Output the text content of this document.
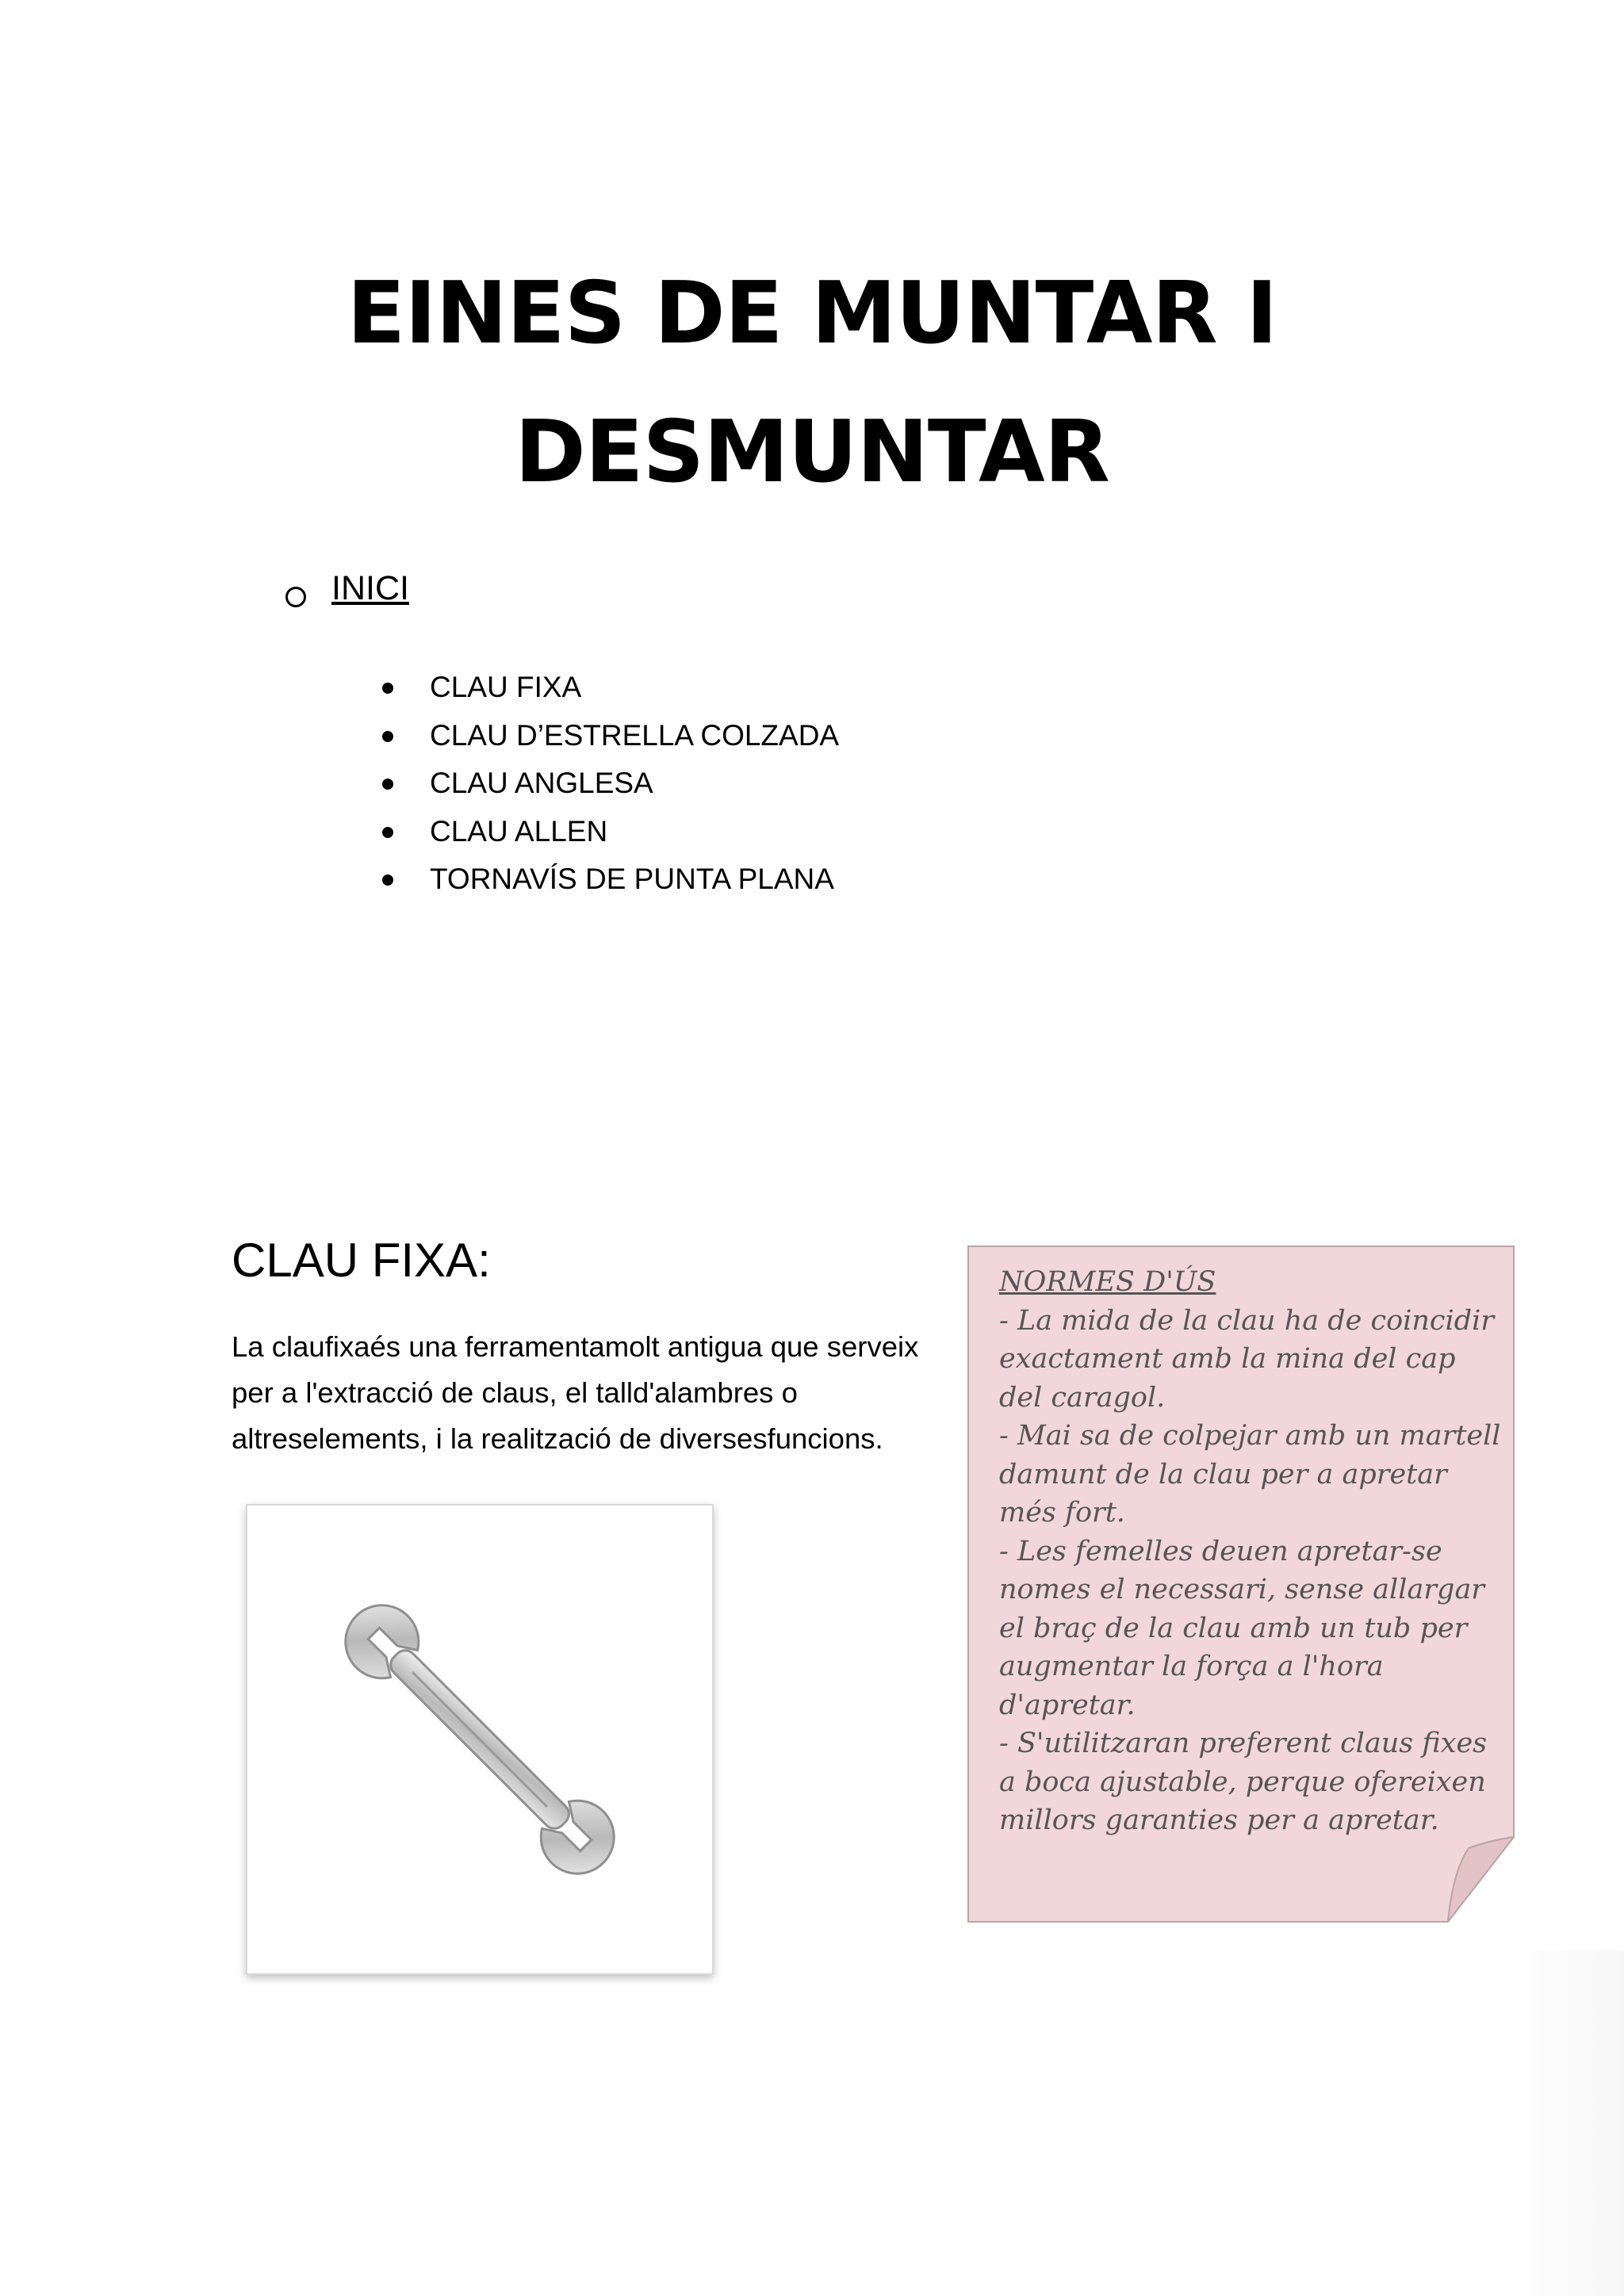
EINES DE MUNTAR I
DESMUNTAR
INICI
CLAU FIXA
CLAU D’ESTRELLA COLZADA
CLAU ANGLESA
CLAU ALLEN
TORNAVÍS DE PUNTA PLANA
CLAU FIXA:

La claufixaés una ferramentamolt antigua que serveix per a l'extracció de claus, el talld'alambres o altreselements, i la realització de diversesfuncions.

NORMES D'ÚS

- La mida de la clau ha de coincidir exactament amb la mina del cap del caragol.

- Mai sa de colpejar amb un martell damunt de la clau per a apretar més fort.

- Les femelles deuen apretar-se nomes el necessari, sense allargar el braç de la clau amb un tub per augmentar la força a l'hora d'apretar.

- S'utilitzaran preferent claus fixes a boca ajustable, perque ofereixen millors garanties per a apretar.
